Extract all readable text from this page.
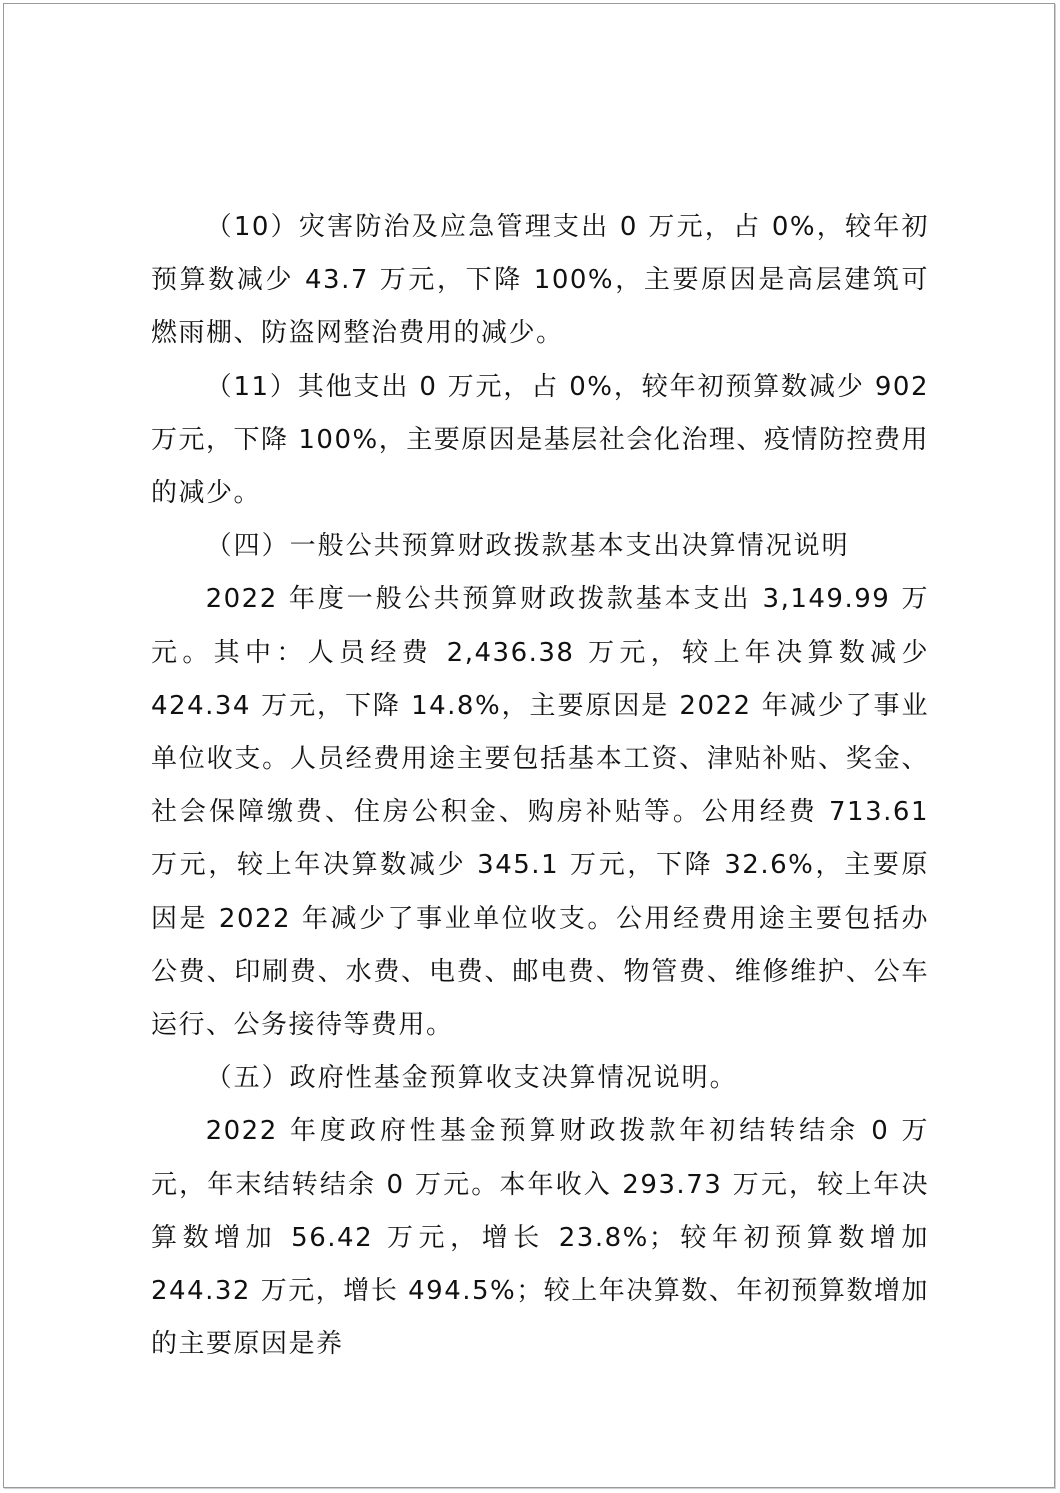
（10）灾害防治及应急管理支出 0 万元，占 0%，较年初预算数减少 43.7 万元，下降 100%，主要原因是高层建筑可燃雨棚、防盗网整治费用的减少。

（11）其他支出 0 万元，占 0%，较年初预算数减少 902 万元，下降 100%，主要原因是基层社会化治理、疫情防控费用的减少。

（四）一般公共预算财政拨款基本支出决算情况说明

2022 年度一般公共预算财政拨款基本支出 3,149.99 万元。其中：人员经费 2,436.38 万元，较上年决算数减少 424.34 万元，下降 14.8%，主要原因是 2022 年减少了事业单位收支。人员经费用途主要包括基本工资、津贴补贴、奖金、社会保障缴费、住房公积金、购房补贴等。公用经费 713.61 万元，较上年决算数减少 345.1 万元，下降 32.6%，主要原因是 2022 年减少了事业单位收支。公用经费用途主要包括办公费、印刷费、水费、电费、邮电费、物管费、维修维护、公车运行、公务接待等费用。

（五）政府性基金预算收支决算情况说明。

2022 年度政府性基金预算财政拨款年初结转结余 0 万元，年末结转结余 0 万元。本年收入 293.73 万元，较上年决算数增加 56.42 万元，增长 23.8%；较年初预算数增加 244.32 万元，增长 494.5%；较上年决算数、年初预算数增加的主要原因是养
